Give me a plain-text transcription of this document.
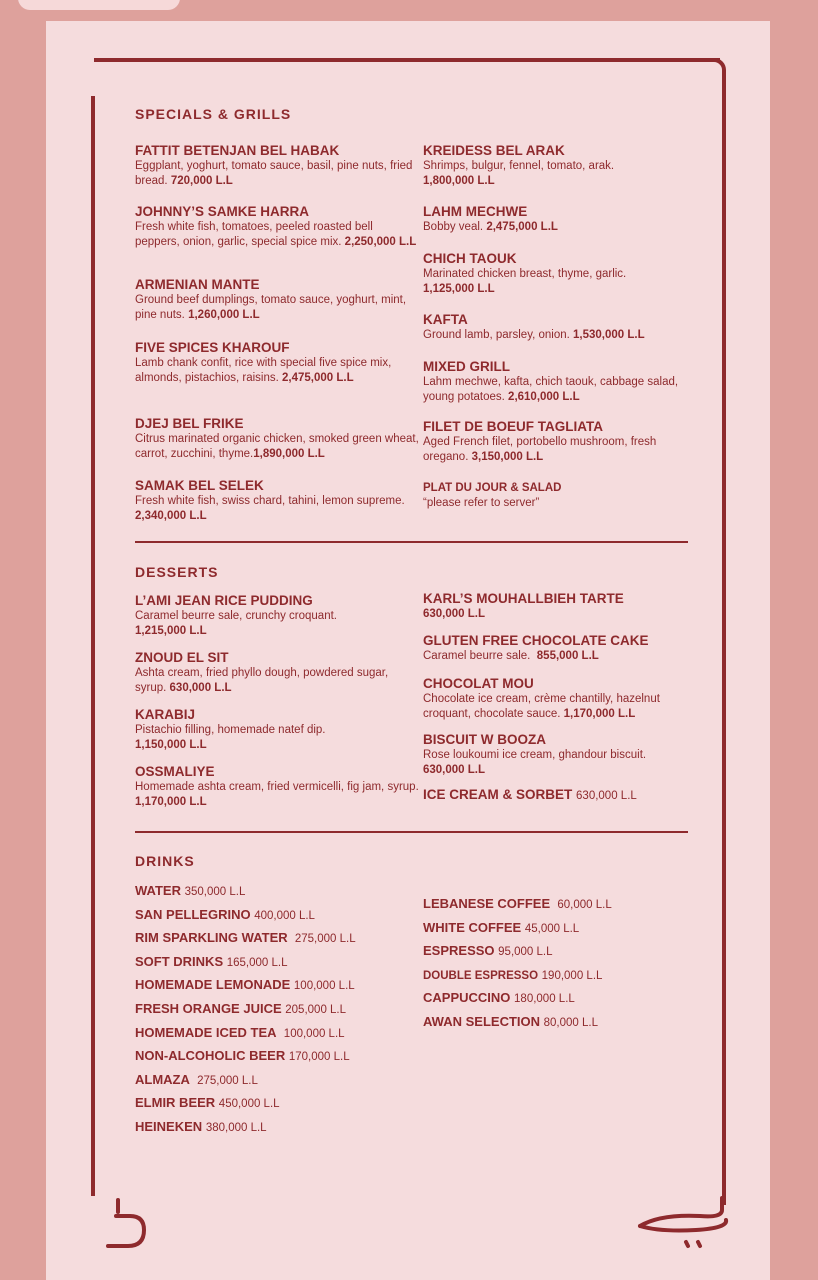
SPECIALS & GRILLS
FATTIT BETENJAN BEL HABAK
Eggplant, yoghurt, tomato sauce, basil, pine nuts, fried bread. 720,000 L.L
JOHNNY’S SAMKE HARRA
Fresh white fish, tomatoes, peeled roasted bell peppers, onion, garlic, special spice mix. 2,250,000 L.L
ARMENIAN MANTE
Ground beef dumplings, tomato sauce, yoghurt, mint, pine nuts. 1,260,000 L.L
FIVE SPICES KHAROUF
Lamb chank confit, rice with special five spice mix, almonds, pistachios, raisins. 2,475,000 L.L
DJEJ BEL FRIKE
Citrus marinated organic chicken, smoked green wheat, carrot, zucchini, thyme.1,890,000 L.L
SAMAK BEL SELEK
Fresh white fish, swiss chard, tahini, lemon supreme. 2,340,000 L.L
KREIDESS BEL ARAK
Shrimps, bulgur, fennel, tomato, arak.
1,800,000 L.L
LAHM MECHWE
Bobby veal. 2,475,000 L.L
CHICH TAOUK
Marinated chicken breast, thyme, garlic.
1,125,000 L.L
KAFTA
Ground lamb, parsley, onion. 1,530,000 L.L
MIXED GRILL
Lahm mechwe, kafta, chich taouk, cabbage salad, young potatoes. 2,610,000 L.L
FILET DE BOEUF TAGLIATA
Aged French filet, portobello mushroom, fresh oregano. 3,150,000 L.L
PLAT DU JOUR & SALAD
“please refer to server”
DESSERTS
L’AMI JEAN RICE PUDDING
Caramel beurre sale, crunchy croquant.
1,215,000 L.L
ZNOUD EL SIT
Ashta cream, fried phyllo dough, powdered sugar, syrup. 630,000 L.L
KARABIJ
Pistachio filling, homemade natef dip.
1,150,000 L.L
OSSMALIYE
Homemade ashta cream, fried vermicelli, fig jam, syrup. 1,170,000 L.L
KARL’S MOUHALLBIEH TARTE
630,000 L.L
GLUTEN FREE CHOCOLATE CAKE
Caramel beurre sale. 855,000 L.L
CHOCOLAT MOU
Chocolate ice cream, crème chantilly, hazelnut croquant, chocolate sauce. 1,170,000 L.L
BISCUIT W BOOZA
Rose loukoumi ice cream, ghandour biscuit.
630,000 L.L
ICE CREAM & SORBET 630,000 L.L
DRINKS
WATER 350,000 L.L
SAN PELLEGRINO 400,000 L.L
RIM SPARKLING WATER 275,000 L.L
SOFT DRINKS 165,000 L.L
HOMEMADE LEMONADE 100,000 L.L
FRESH ORANGE JUICE 205,000 L.L
HOMEMADE ICED TEA 100,000 L.L
NON-ALCOHOLIC BEER 170,000 L.L
ALMAZA 275,000 L.L
ELMIR BEER 450,000 L.L
HEINEKEN 380,000 L.L
LEBANESE COFFEE 60,000 L.L
WHITE COFFEE 45,000 L.L
ESPRESSO 95,000 L.L
DOUBLE ESPRESSO 190,000 L.L
CAPPUCCINO 180,000 L.L
AWAN SELECTION 80,000 L.L
